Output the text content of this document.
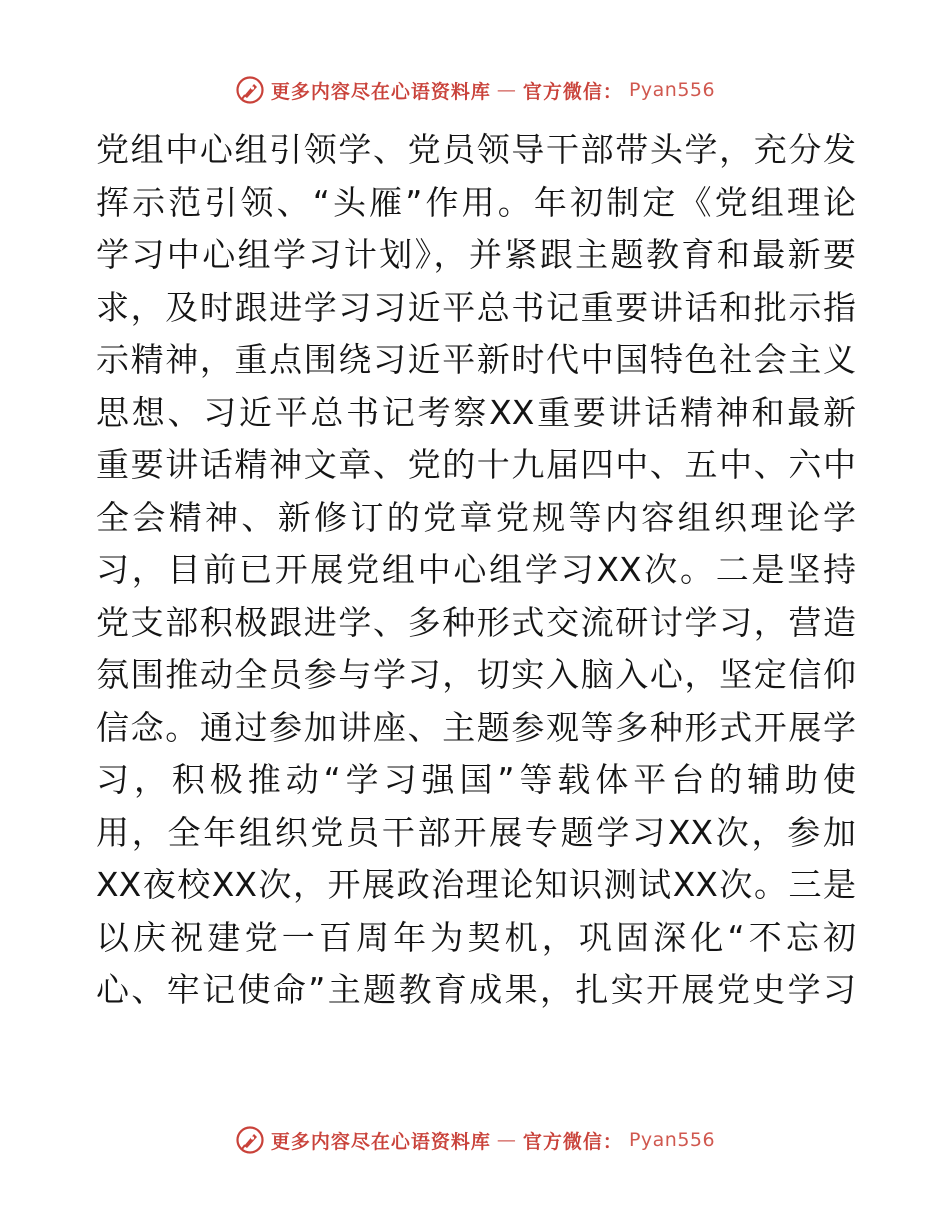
更多内容尽在心语资料库 — 官方微信： Pyan556
党组中心组引领学、党员领导干部带头学，充分发
挥示范引领、“头雁”作用。年初制定《党组理论
学习中心组学习计划》，并紧跟主题教育和最新要
求，及时跟进学习习近平总书记重要讲话和批示指
示精神，重点围绕习近平新时代中国特色社会主义
思想、习近平总书记考察XX重要讲话精神和最新
重要讲话精神文章、党的十九届四中、五中、六中
全会精神、新修订的党章党规等内容组织理论学
习，目前已开展党组中心组学习XX次。二是坚持
党支部积极跟进学、多种形式交流研讨学习，营造
氛围推动全员参与学习，切实入脑入心，坚定信仰
信念。通过参加讲座、主题参观等多种形式开展学
习，积极推动“学习强国”等载体平台的辅助使
用，全年组织党员干部开展专题学习XX次，参加
XX夜校XX次，开展政治理论知识测试XX次。三是
以庆祝建党一百周年为契机，巩固深化“不忘初
心、牢记使命”主题教育成果，扎实开展党史学习
更多内容尽在心语资料库 — 官方微信： Pyan556
